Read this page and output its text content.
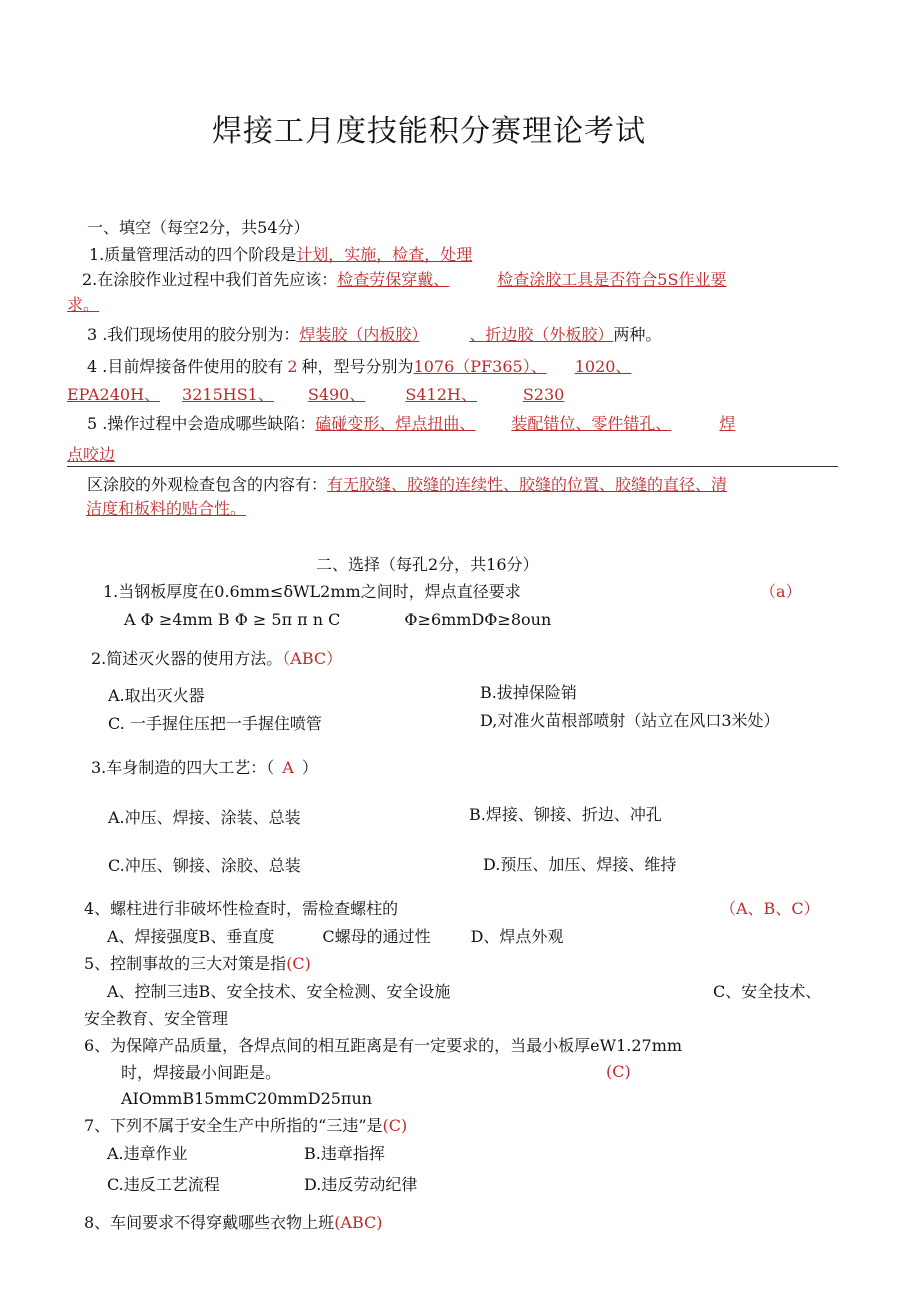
焊接工月度技能积分赛理论考试
一、填空（每空2分，共54分）
1.质量管理活动的四个阶段是计划，实施，检查，处理
2.在涂胶作业过程中我们首先应该：检查劳保穿戴、	检查涂胶工具是否符合5S作业要
求。
3 .我们现场使用的胶分别为：焊装胶（内板胶）	、折边胶（外板胶）两种。
4 .目前焊接备件使用的胶有 2 种，型号分别为1076（PF365）、 1020、
EPA240H、 3215HS1、 S490、	S412H、	S230
5 .操作过程中会造成哪些缺陷：磕碰变形、焊点扭曲、 装配错位、零件错孔、	焊
点咬边
区涂胶的外观检查包含的内容有：有无胶缝、胶缝的连续性、胶缝的位置、胶缝的直径、清
洁度和板料的贴合性。
二、选择（每孔2分，共16分）
1.当钢板厚度在0.6mm≤δWL2mm之间时，焊点直径要求	（a）
A Φ ≥4mm B Φ ≥ 5π π n C	Φ≥6mmDΦ≥8oun
2.简述灭火器的使用方法。（ABC）
A.取出灭火器	B.拔掉保险销
C. 一手握住压把一手握住喷管	D,对准火苗根部喷射（站立在风口3米处）
3.车身制造的四大工艺：（ A ）
A.冲压、焊接、涂装、总装	B.焊接、铆接、折边、冲孔
C.冲压、铆接、涂胶、总装	D.预压、加压、焊接、维持
4、螺柱进行非破坏性检查时，需检查螺柱的	（A、B、C）
A、焊接强度B、垂直度	C螺母的通过性	D、焊点外观
5、控制事故的三大对策是指(C)
A、控制三违B、安全技术、安全检测、安全设施	C、安全技术、
安全教育、安全管理
6、为保障产品质量，各焊点间的相互距离是有一定要求的，当最小板厚eW1.27mm
时，焊接最小间距是。	(C)
AIOmmB15mmC20mmD25πun
7、下列不属于安全生产中所指的“三违”是(C)
A.违章作业	B.违章指挥
C.违反工艺流程	D.违反劳动纪律
8、车间要求不得穿戴哪些衣物上班(ABC)
